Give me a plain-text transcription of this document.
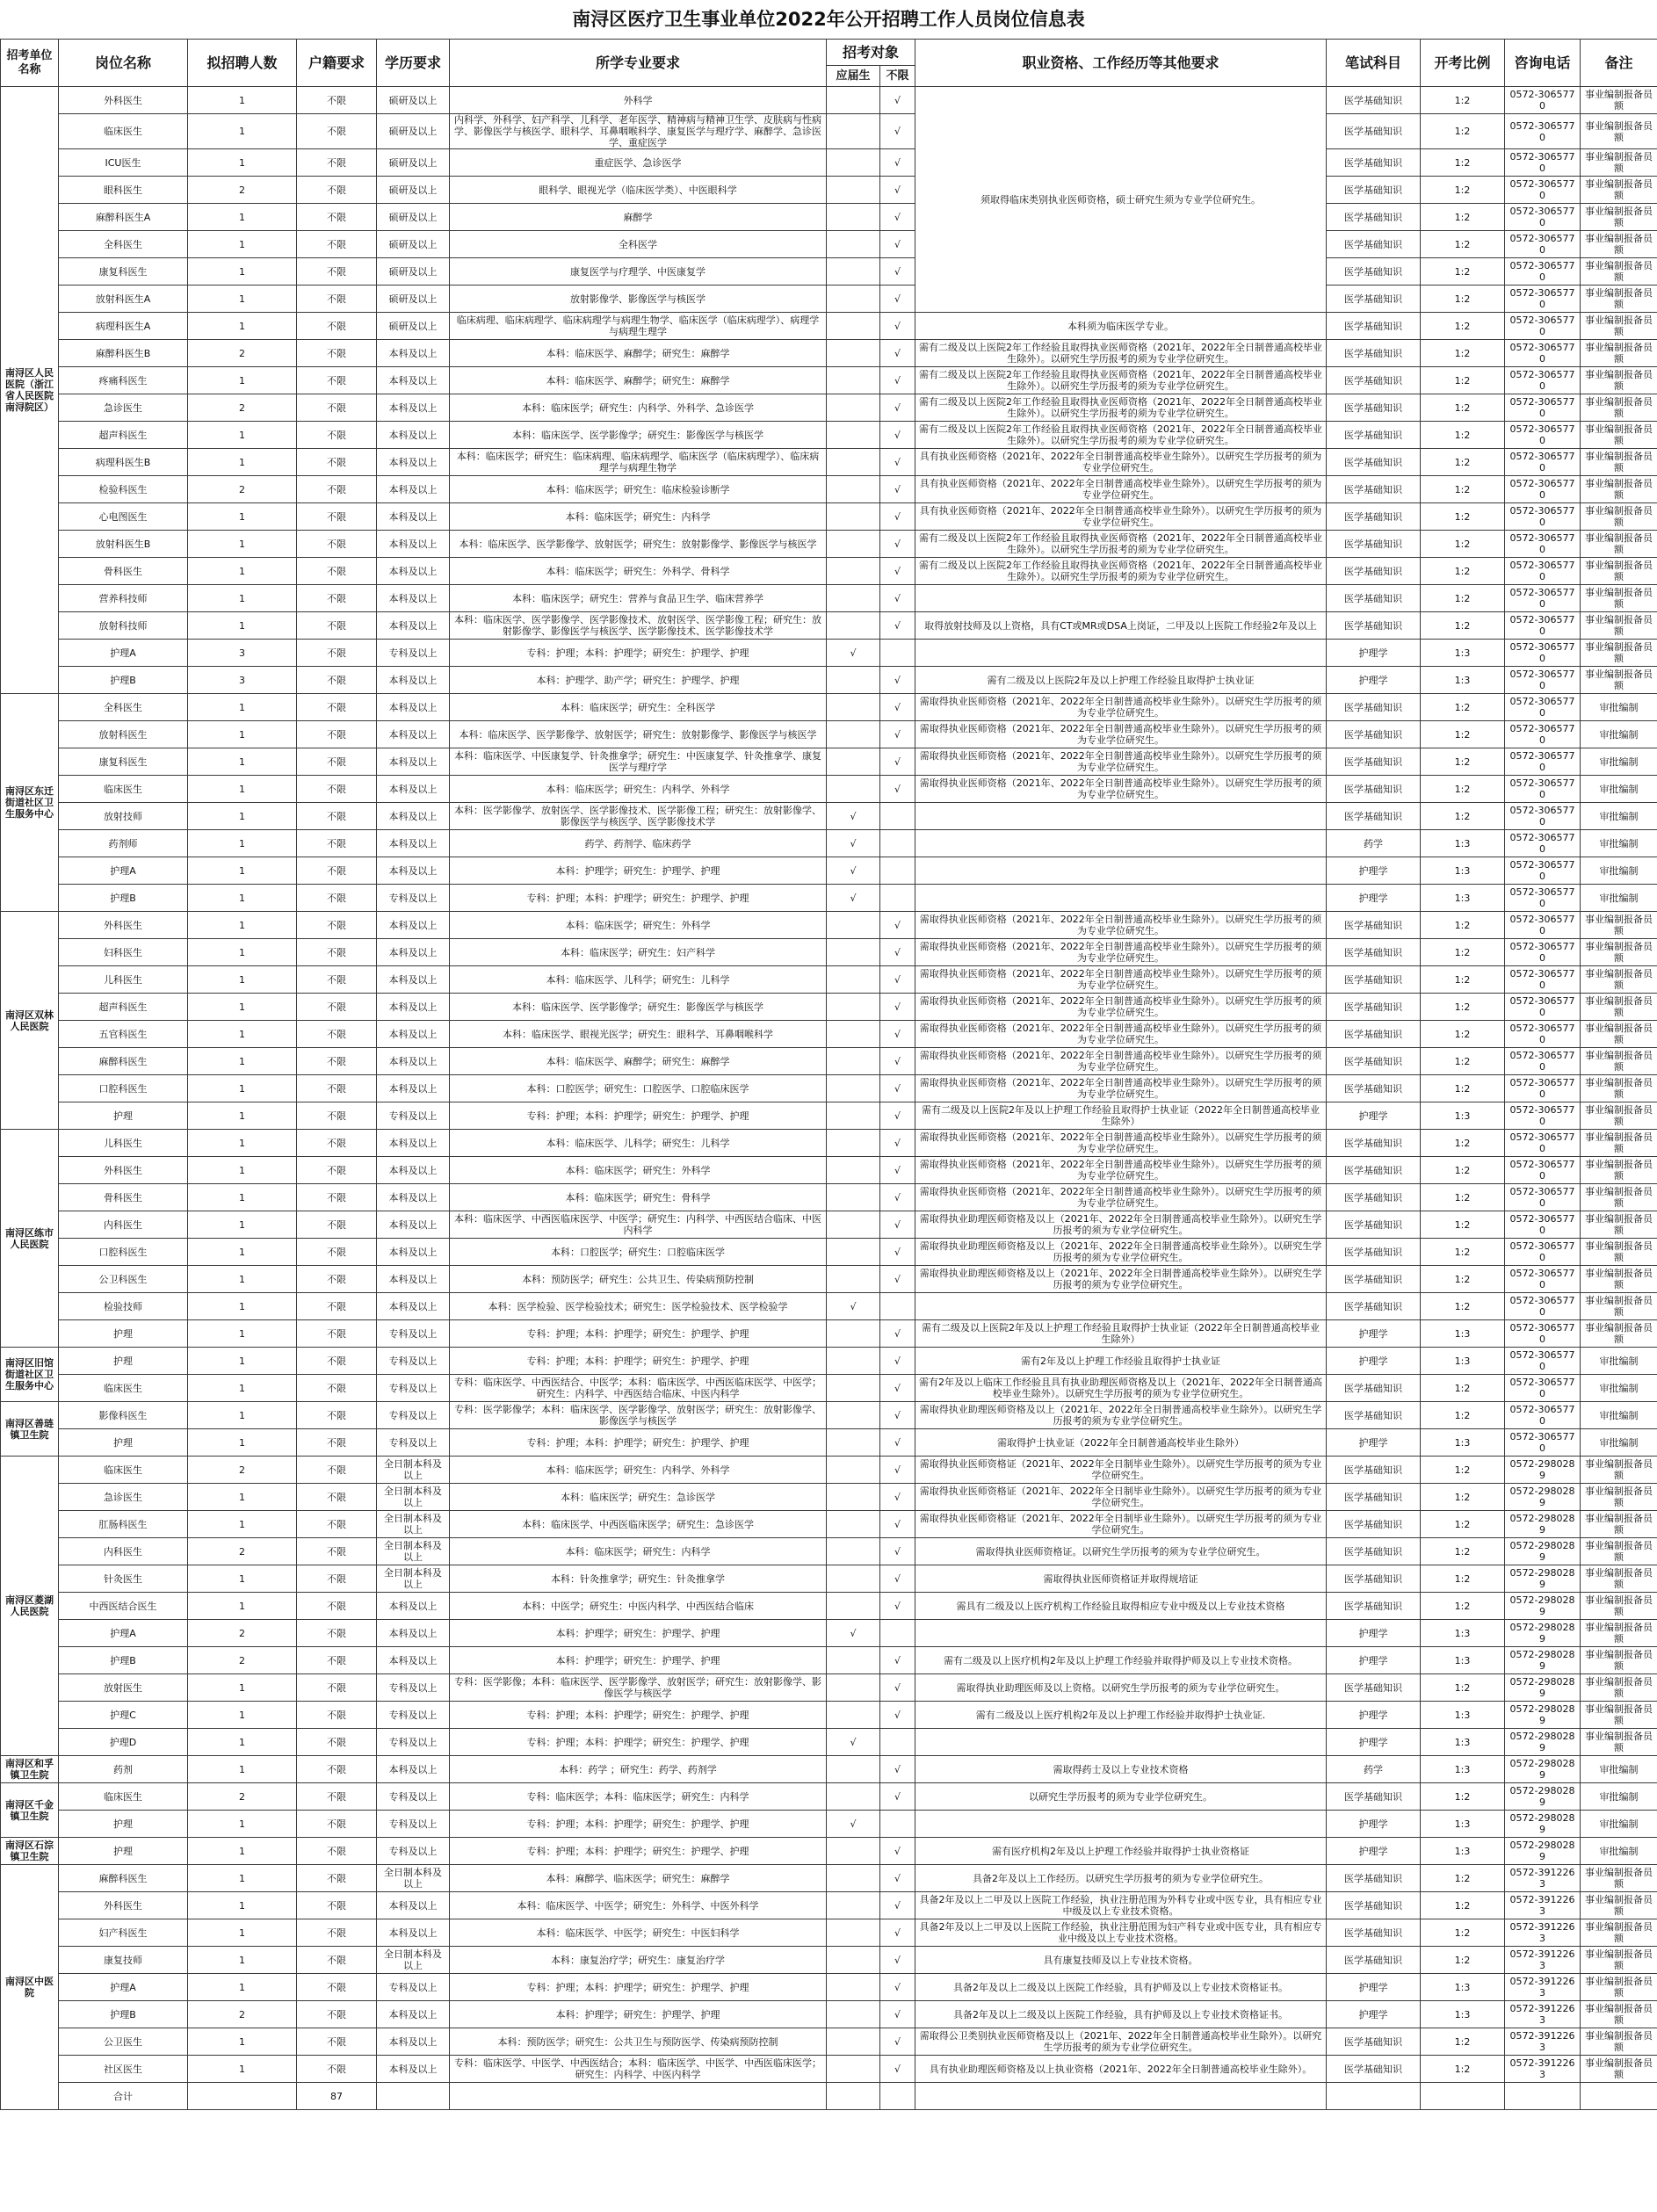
南浔区医疗卫生事业单位2022年公开招聘工作人员岗位信息表
招考单位名称	岗位名称	拟招聘人数	户籍要求	学历要求	所学专业要求	招考对象		职业资格、工作经历等其他要求	笔试科目	开考比例	咨询电话	备注	
						应届生	不限						
南浔区人民医院（浙江省人民医院南浔院区）	外科医生	1	不限	硕研及以上	外科学		√	须取得临床类别执业医师资格，硕士研究生须为专业学位研究生。	医学基础知识	1:2	0572-3065770	事业编制报备员额	
	临床医生	1	不限	硕研及以上	内科学、外科学、妇产科学、儿科学、老年医学、精神病与精神卫生学、皮肤病与性病学、影像医学与核医学、眼科学、耳鼻咽喉科学、康复医学与理疗学、麻醉学、急诊医学、重症医学		√		医学基础知识	1:2	0572-3065770	事业编制报备员额	
	ICU医生	1	不限	硕研及以上	重症医学、急诊医学		√		医学基础知识	1:2	0572-3065770	事业编制报备员额	
	眼科医生	2	不限	硕研及以上	眼科学、眼视光学（临床医学类）、中医眼科学		√		医学基础知识	1:2	0572-3065770	事业编制报备员额	
	麻醉科医生A	1	不限	硕研及以上	麻醉学		√		医学基础知识	1:2	0572-3065770	事业编制报备员额	
	全科医生	1	不限	硕研及以上	全科医学		√		医学基础知识	1:2	0572-3065770	事业编制报备员额	
	康复科医生	1	不限	硕研及以上	康复医学与疗理学、中医康复学		√		医学基础知识	1:2	0572-3065770	事业编制报备员额	
	放射科医生A	1	不限	硕研及以上	放射影像学、影像医学与核医学		√		医学基础知识	1:2	0572-3065770	事业编制报备员额	
	病理科医生A	1	不限	硕研及以上	临床病理、临床病理学、临床病理学与病理生物学、临床医学（临床病理学）、病理学与病理生理学		√	本科须为临床医学专业。	医学基础知识	1:2	0572-3065770	事业编制报备员额	
	麻醉科医生B	2	不限	本科及以上	本科：临床医学、麻醉学；研究生：麻醉学		√	需有二级及以上医院2年工作经验且取得执业医师资格（2021年、2022年全日制普通高校毕业生除外）。以研究生学历报考的须为专业学位研究生。	医学基础知识	1:2	0572-3065770	事业编制报备员额	
	疼痛科医生	1	不限	本科及以上	本科：临床医学、麻醉学；研究生：麻醉学		√	需有二级及以上医院2年工作经验且取得执业医师资格（2021年、2022年全日制普通高校毕业生除外）。以研究生学历报考的须为专业学位研究生。	医学基础知识	1:2	0572-3065770	事业编制报备员额	
	急诊医生	2	不限	本科及以上	本科：临床医学；研究生：内科学、外科学、急诊医学		√	需有二级及以上医院2年工作经验且取得执业医师资格（2021年、2022年全日制普通高校毕业生除外）。以研究生学历报考的须为专业学位研究生。	医学基础知识	1:2	0572-3065770	事业编制报备员额	
	超声科医生	1	不限	本科及以上	本科：临床医学、医学影像学；研究生：影像医学与核医学		√	需有二级及以上医院2年工作经验且取得执业医师资格（2021年、2022年全日制普通高校毕业生除外）。以研究生学历报考的须为专业学位研究生。	医学基础知识	1:2	0572-3065770	事业编制报备员额	
	病理科医生B	1	不限	本科及以上	本科：临床医学；研究生：临床病理、临床病理学、临床医学（临床病理学）、临床病理学与病理生物学		√	具有执业医师资格（2021年、2022年全日制普通高校毕业生除外）。以研究生学历报考的须为专业学位研究生。	医学基础知识	1:2	0572-3065770	事业编制报备员额	
	检验科医生	2	不限	本科及以上	本科：临床医学；研究生：临床检验诊断学		√	具有执业医师资格（2021年、2022年全日制普通高校毕业生除外）。以研究生学历报考的须为专业学位研究生。	医学基础知识	1:2	0572-3065770	事业编制报备员额	
	心电图医生	1	不限	本科及以上	本科：临床医学；研究生：内科学		√	具有执业医师资格（2021年、2022年全日制普通高校毕业生除外）。以研究生学历报考的须为专业学位研究生。	医学基础知识	1:2	0572-3065770	事业编制报备员额	
	放射科医生B	1	不限	本科及以上	本科：临床医学、医学影像学、放射医学；研究生：放射影像学、影像医学与核医学		√	需有二级及以上医院2年工作经验且取得执业医师资格（2021年、2022年全日制普通高校毕业生除外）。以研究生学历报考的须为专业学位研究生。	医学基础知识	1:2	0572-3065770	事业编制报备员额	
	骨科医生	1	不限	本科及以上	本科：临床医学；研究生：外科学、骨科学		√	需有二级及以上医院2年工作经验且取得执业医师资格（2021年、2022年全日制普通高校毕业生除外）。以研究生学历报考的须为专业学位研究生。	医学基础知识	1:2	0572-3065770	事业编制报备员额	
	营养科技师	1	不限	本科及以上	本科：临床医学；研究生：营养与食品卫生学、临床营养学		√		医学基础知识	1:2	0572-3065770	事业编制报备员额	
	放射科技师	1	不限	本科及以上	本科：临床医学、医学影像学、医学影像技术、放射医学、医学影像工程；研究生：放射影像学、影像医学与核医学、医学影像技术、医学影像技术学		√	取得放射技师及以上资格，具有CT或MR或DSA上岗证，二甲及以上医院工作经验2年及以上	医学基础知识	1:2	0572-3065770	事业编制报备员额	
	护理A	3	不限	专科及以上	专科：护理；本科：护理学；研究生：护理学、护理	√			护理学	1:3	0572-3065770	事业编制报备员额	
	护理B	3	不限	本科及以上	本科：护理学、助产学；研究生：护理学、护理		√	需有二级及以上医院2年及以上护理工作经验且取得护士执业证	护理学	1:3	0572-3065770	事业编制报备员额	
南浔区东迁街道社区卫生服务中心	全科医生	1	不限	本科及以上	本科：临床医学；研究生：全科医学		√	需取得执业医师资格（2021年、2022年全日制普通高校毕业生除外）。以研究生学历报考的须为专业学位研究生。	医学基础知识	1:2	0572-3065770	审批编制	
	放射科医生	1	不限	本科及以上	本科：临床医学、医学影像学、放射医学；研究生：放射影像学、影像医学与核医学		√	需取得执业医师资格（2021年、2022年全日制普通高校毕业生除外）。以研究生学历报考的须为专业学位研究生。	医学基础知识	1:2	0572-3065770	审批编制	
	康复科医生	1	不限	本科及以上	本科：临床医学、中医康复学、针灸推拿学；研究生：中医康复学、针灸推拿学、康复医学与理疗学		√	需取得执业医师资格（2021年、2022年全日制普通高校毕业生除外）。以研究生学历报考的须为专业学位研究生。	医学基础知识	1:2	0572-3065770	审批编制	
	临床医生	1	不限	本科及以上	本科：临床医学；研究生：内科学、外科学		√	需取得执业医师资格（2021年、2022年全日制普通高校毕业生除外）。以研究生学历报考的须为专业学位研究生。	医学基础知识	1:2	0572-3065770	审批编制	
	放射技师	1	不限	本科及以上	本科：医学影像学、放射医学、医学影像技术、医学影像工程；研究生：放射影像学、影像医学与核医学、医学影像技术学	√			医学基础知识	1:2	0572-3065770	审批编制	
	药剂师	1	不限	本科及以上	药学、药剂学、临床药学	√			药学	1:3	0572-3065770	审批编制	
	护理A	1	不限	本科及以上	本科：护理学；研究生：护理学、护理	√			护理学	1:3	0572-3065770	审批编制	
	护理B	1	不限	专科及以上	专科：护理；本科：护理学；研究生：护理学、护理	√			护理学	1:3	0572-3065770	审批编制	
南浔区双林人民医院	外科医生	1	不限	本科及以上	本科：临床医学；研究生：外科学		√	需取得执业医师资格（2021年、2022年全日制普通高校毕业生除外）。以研究生学历报考的须为专业学位研究生。	医学基础知识	1:2	0572-3065770	事业编制报备员额	
	妇科医生	1	不限	本科及以上	本科：临床医学；研究生：妇产科学		√	需取得执业医师资格（2021年、2022年全日制普通高校毕业生除外）。以研究生学历报考的须为专业学位研究生。	医学基础知识	1:2	0572-3065770	事业编制报备员额	
	儿科医生	1	不限	本科及以上	本科：临床医学、儿科学；研究生：儿科学		√	需取得执业医师资格（2021年、2022年全日制普通高校毕业生除外）。以研究生学历报考的须为专业学位研究生。	医学基础知识	1:2	0572-3065770	事业编制报备员额	
	超声科医生	1	不限	本科及以上	本科：临床医学、医学影像学；研究生：影像医学与核医学		√	需取得执业医师资格（2021年、2022年全日制普通高校毕业生除外）。以研究生学历报考的须为专业学位研究生。	医学基础知识	1:2	0572-3065770	事业编制报备员额	
	五官科医生	1	不限	本科及以上	本科：临床医学、眼视光医学；研究生：眼科学、耳鼻咽喉科学		√	需取得执业医师资格（2021年、2022年全日制普通高校毕业生除外）。以研究生学历报考的须为专业学位研究生。	医学基础知识	1:2	0572-3065770	事业编制报备员额	
	麻醉科医生	1	不限	本科及以上	本科：临床医学、麻醉学；研究生：麻醉学		√	需取得执业医师资格（2021年、2022年全日制普通高校毕业生除外）。以研究生学历报考的须为专业学位研究生。	医学基础知识	1:2	0572-3065770	事业编制报备员额	
	口腔科医生	1	不限	本科及以上	本科：口腔医学；研究生：口腔医学、口腔临床医学		√	需取得执业医师资格（2021年、2022年全日制普通高校毕业生除外）。以研究生学历报考的须为专业学位研究生。	医学基础知识	1:2	0572-3065770	事业编制报备员额	
	护理	1	不限	专科及以上	专科：护理；本科：护理学；研究生：护理学、护理		√	需有二级及以上医院2年及以上护理工作经验且取得护士执业证（2022年全日制普通高校毕业生除外）	护理学	1:3	0572-3065770	事业编制报备员额	
南浔区练市人民医院	儿科医生	1	不限	本科及以上	本科：临床医学、儿科学；研究生：儿科学		√	需取得执业医师资格（2021年、2022年全日制普通高校毕业生除外）。以研究生学历报考的须为专业学位研究生。	医学基础知识	1:2	0572-3065770	事业编制报备员额	
	外科医生	1	不限	本科及以上	本科：临床医学；研究生：外科学		√	需取得执业医师资格（2021年、2022年全日制普通高校毕业生除外）。以研究生学历报考的须为专业学位研究生。	医学基础知识	1:2	0572-3065770	事业编制报备员额	
	骨科医生	1	不限	本科及以上	本科：临床医学；研究生：骨科学		√	需取得执业医师资格（2021年、2022年全日制普通高校毕业生除外）。以研究生学历报考的须为专业学位研究生。	医学基础知识	1:2	0572-3065770	事业编制报备员额	
	内科医生	1	不限	本科及以上	本科：临床医学、中西医临床医学、中医学；研究生：内科学、中西医结合临床、中医内科学		√	需取得执业助理医师资格及以上（2021年、2022年全日制普通高校毕业生除外）。以研究生学历报考的须为专业学位研究生。	医学基础知识	1:2	0572-3065770	事业编制报备员额	
	口腔科医生	1	不限	本科及以上	本科：口腔医学；研究生：口腔临床医学		√	需取得执业助理医师资格及以上（2021年、2022年全日制普通高校毕业生除外）。以研究生学历报考的须为专业学位研究生。	医学基础知识	1:2	0572-3065770	事业编制报备员额	
	公卫科医生	1	不限	本科及以上	本科：预防医学；研究生：公共卫生、传染病预防控制		√	需取得执业助理医师资格及以上（2021年、2022年全日制普通高校毕业生除外）。以研究生学历报考的须为专业学位研究生。	医学基础知识	1:2	0572-3065770	事业编制报备员额	
	检验技师	1	不限	本科及以上	本科：医学检验、医学检验技术；研究生：医学检验技术、医学检验学	√			医学基础知识	1:2	0572-3065770	事业编制报备员额	
	护理	1	不限	专科及以上	专科：护理；本科：护理学；研究生：护理学、护理		√	需有二级及以上医院2年及以上护理工作经验且取得护士执业证（2022年全日制普通高校毕业生除外）	护理学	1:3	0572-3065770	事业编制报备员额	
南浔区旧馆街道社区卫生服务中心	护理	1	不限	专科及以上	专科：护理；本科：护理学；研究生：护理学、护理		√	需有2年及以上护理工作经验且取得护士执业证	护理学	1:3	0572-3065770	审批编制	
	临床医生	1	不限	专科及以上	专科：临床医学、中西医结合、中医学；本科：临床医学、中西医临床医学、中医学；研究生：内科学、中西医结合临床、中医内科学		√	需有2年及以上临床工作经验且具有执业助理医师资格及以上（2021年、2022年全日制普通高校毕业生除外）。以研究生学历报考的须为专业学位研究生。	医学基础知识	1:2	0572-3065770	审批编制	
南浔区善琏镇卫生院	影像科医生	1	不限	专科及以上	专科：医学影像学；本科：临床医学、医学影像学、放射医学；研究生：放射影像学、影像医学与核医学		√	需取得执业助理医师资格及以上（2021年、2022年全日制普通高校毕业生除外）。以研究生学历报考的须为专业学位研究生。	医学基础知识	1:2	0572-3065770	审批编制	
	护理	1	不限	专科及以上	专科：护理；本科：护理学；研究生：护理学、护理		√	需取得护士执业证（2022年全日制普通高校毕业生除外）	护理学	1:3	0572-3065770	审批编制	
南浔区菱湖人民医院	临床医生	2	不限	全日制本科及以上	本科：临床医学；研究生：内科学、外科学		√	需取得执业医师资格证（2021年、2022年全日制毕业生除外）。以研究生学历报考的须为专业学位研究生。	医学基础知识	1:2	0572-2980289	事业编制报备员额	
	急诊医生	1	不限	全日制本科及以上	本科：临床医学；研究生：急诊医学		√	需取得执业医师资格证（2021年、2022年全日制毕业生除外）。以研究生学历报考的须为专业学位研究生。	医学基础知识	1:2	0572-2980289	事业编制报备员额	
	肛肠科医生	1	不限	全日制本科及以上	本科：临床医学、中西医临床医学；研究生：急诊医学		√	需取得执业医师资格证（2021年、2022年全日制毕业生除外）。以研究生学历报考的须为专业学位研究生。	医学基础知识	1:2	0572-2980289	事业编制报备员额	
	内科医生	2	不限	全日制本科及以上	本科：临床医学；研究生：内科学		√	需取得执业医师资格证。以研究生学历报考的须为专业学位研究生。	医学基础知识	1:2	0572-2980289	事业编制报备员额	
	针灸医生	1	不限	全日制本科及以上	本科：针灸推拿学；研究生：针灸推拿学		√	需取得执业医师资格证并取得规培证	医学基础知识	1:2	0572-2980289	事业编制报备员额	
	中西医结合医生	1	不限	本科及以上	本科：中医学；研究生：中医内科学、中西医结合临床		√	需具有二级及以上医疗机构工作经验且取得相应专业中级及以上专业技术资格	医学基础知识	1:2	0572-2980289	事业编制报备员额	
	护理A	2	不限	本科及以上	本科：护理学；研究生：护理学、护理	√			护理学	1:3	0572-2980289	事业编制报备员额	
	护理B	2	不限	本科及以上	本科：护理学；研究生：护理学、护理		√	需有二级及以上医疗机构2年及以上护理工作经验并取得护师及以上专业技术资格。	护理学	1:3	0572-2980289	事业编制报备员额	
	放射医生	1	不限	专科及以上	专科：医学影像；本科：临床医学、医学影像学、放射医学；研究生：放射影像学、影像医学与核医学		√	需取得执业助理医师及以上资格。以研究生学历报考的须为专业学位研究生。	医学基础知识	1:2	0572-2980289	事业编制报备员额	
	护理C	1	不限	专科及以上	专科：护理；本科：护理学；研究生：护理学、护理		√	需有二级及以上医疗机构2年及以上护理工作经验并取得护士执业证.	护理学	1:3	0572-2980289	事业编制报备员额	
	护理D	1	不限	专科及以上	专科：护理；本科：护理学；研究生：护理学、护理	√			护理学	1:3	0572-2980289	事业编制报备员额	
南浔区和孚镇卫生院	药剂	1	不限	本科及以上	本科：药学 ；研究生：药学、药剂学		√	需取得药士及以上专业技术资格	药学	1:3	0572-2980289	审批编制	
南浔区千金镇卫生院	临床医生	2	不限	专科及以上	专科：临床医学；本科：临床医学；研究生：内科学		√	以研究生学历报考的须为专业学位研究生。	医学基础知识	1:2	0572-2980289	审批编制	
	护理	1	不限	专科及以上	专科：护理；本科：护理学；研究生：护理学、护理	√			护理学	1:3	0572-2980289	审批编制	
南浔区石淙镇卫生院	护理	1	不限	专科及以上	专科：护理；本科：护理学；研究生：护理学、护理		√	需有医疗机构2年及以上护理工作经验并取得护士执业资格证	护理学	1:3	0572-2980289	审批编制	
南浔区中医院	麻醉科医生	1	不限	全日制本科及以上	本科：麻醉学、临床医学；研究生：麻醉学		√	具备2年及以上工作经历。以研究生学历报考的须为专业学位研究生。	医学基础知识	1:2	0572-3912263	事业编制报备员额	
	外科医生	1	不限	本科及以上	本科：临床医学、中医学；研究生：外科学、中医外科学		√	具备2年及以上二甲及以上医院工作经验，执业注册范围为外科专业或中医专业，具有相应专业中级及以上专业技术资格。	医学基础知识	1:2	0572-3912263	事业编制报备员额	
	妇产科医生	1	不限	本科及以上	本科：临床医学、中医学；研究生：中医妇科学		√	具备2年及以上二甲及以上医院工作经验，执业注册范围为妇产科专业或中医专业，具有相应专业中级及以上专业技术资格。	医学基础知识	1:2	0572-3912263	事业编制报备员额	
	康复技师	1	不限	全日制本科及以上	本科：康复治疗学；研究生：康复治疗学		√	具有康复技师及以上专业技术资格。	医学基础知识	1:2	0572-3912263	事业编制报备员额	
	护理A	1	不限	专科及以上	专科：护理；本科：护理学；研究生：护理学、护理		√	具备2年及以上二级及以上医院工作经验，具有护师及以上专业技术资格证书。	护理学	1:3	0572-3912263	事业编制报备员额	
	护理B	2	不限	本科及以上	本科：护理学；研究生：护理学、护理		√	具备2年及以上二级及以上医院工作经验，具有护师及以上专业技术资格证书。	护理学	1:3	0572-3912263	事业编制报备员额	
	公卫医生	1	不限	本科及以上	本科：预防医学；研究生：公共卫生与预防医学、传染病预防控制		√	需取得公卫类别执业医师资格及以上（2021年、2022年全日制普通高校毕业生除外）。以研究生学历报考的须为专业学位研究生。	医学基础知识	1:2	0572-3912263	事业编制报备员额	
	社区医生	1	不限	本科及以上	专科：临床医学、中医学、中西医结合；本科：临床医学、中医学、中西医临床医学；研究生：内科学、中医内科学		√	具有执业助理医师资格及以上执业资格（2021年、2022年全日制普通高校毕业生除外）。	医学基础知识	1:2	0572-3912263	事业编制报备员额	
	合计		87										
